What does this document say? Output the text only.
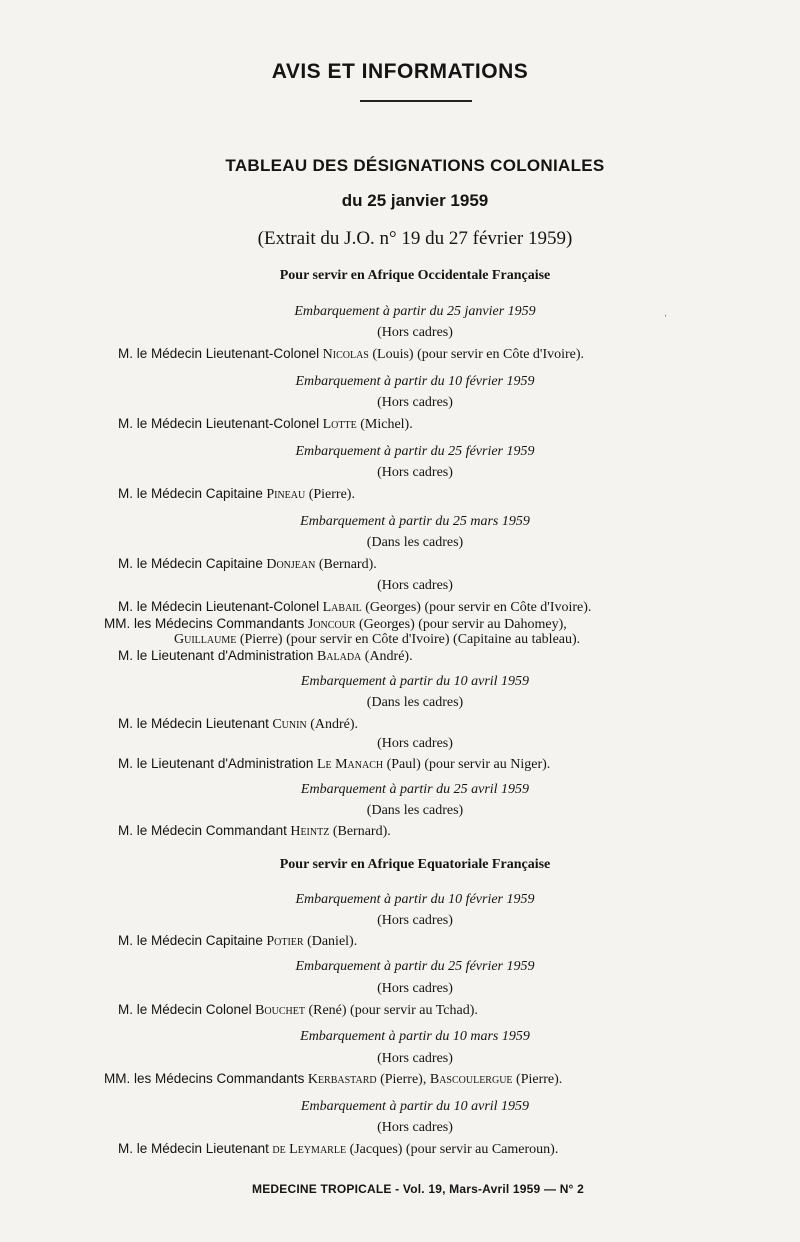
AVIS ET INFORMATIONS
TABLEAU DES DÉSIGNATIONS COLONIALES
du 25 janvier 1959
(Extrait du J.O. n° 19 du 27 février 1959)
Pour servir en Afrique Occidentale Française
ˌ
Embarquement à partir du 25 janvier 1959
(Hors cadres)
M. le Médecin Lieutenant-Colonel Nicolas (Louis) (pour servir en Côte d'Ivoire).
Embarquement à partir du 10 février 1959
(Hors cadres)
M. le Médecin Lieutenant-Colonel Lotte (Michel).
Embarquement à partir du 25 février 1959
(Hors cadres)
M. le Médecin Capitaine Pineau (Pierre).
Embarquement à partir du 25 mars 1959
(Dans les cadres)
M. le Médecin Capitaine Donjean (Bernard).
(Hors cadres)
M. le Médecin Lieutenant-Colonel Labail (Georges) (pour servir en Côte d'Ivoire).
MM. les Médecins Commandants Joncour (Georges) (pour servir au Dahomey),
Guillaume (Pierre) (pour servir en Côte d'Ivoire) (Capitaine au tableau).
M. le Lieutenant d'Administration Balada (André).
Embarquement à partir du 10 avril 1959
(Dans les cadres)
M. le Médecin Lieutenant Cunin (André).
(Hors cadres)
M. le Lieutenant d'Administration Le Manach (Paul) (pour servir au Niger).
Embarquement à partir du 25 avril 1959
(Dans les cadres)
M. le Médecin Commandant Heintz (Bernard).
Pour servir en Afrique Equatoriale Française
Embarquement à partir du 10 février 1959
(Hors cadres)
M. le Médecin Capitaine Potier (Daniel).
Embarquement à partir du 25 février 1959
(Hors cadres)
M. le Médecin Colonel Bouchet (René) (pour servir au Tchad).
Embarquement à partir du 10 mars 1959
(Hors cadres)
MM. les Médecins Commandants Kerbastard (Pierre), Bascoulergue (Pierre).
Embarquement à partir du 10 avril 1959
(Hors cadres)
M. le Médecin Lieutenant de Leymarle (Jacques) (pour servir au Cameroun).
MEDECINE TROPICALE - Vol. 19, Mars-Avril 1959 — N° 2
